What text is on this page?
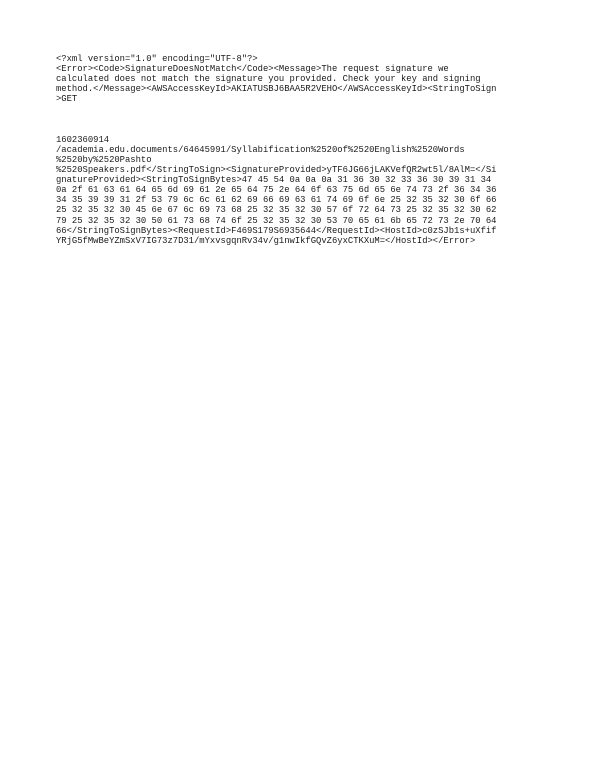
<?xml version="1.0" encoding="UTF-8"?>
<Error><Code>SignatureDoesNotMatch</Code><Message>The request signature we
calculated does not match the signature you provided. Check your key and signing
method.</Message><AWSAccessKeyId>AKIATUSBJ6BAA5R2VEHO</AWSAccessKeyId><StringToSign
>GET
1602360914
/academia.edu.documents/64645991/Syllabification%2520of%2520English%2520Words
%2520by%2520Pashto
%2520Speakers.pdf</StringToSign><SignatureProvided>yTF6JG66jLAKVefQR2wt5l/8AlM=</Si
gnatureProvided><StringToSignBytes>47 45 54 0a 0a 0a 31 36 30 32 33 36 30 39 31 34
0a 2f 61 63 61 64 65 6d 69 61 2e 65 64 75 2e 64 6f 63 75 6d 65 6e 74 73 2f 36 34 36
34 35 39 39 31 2f 53 79 6c 6c 61 62 69 66 69 63 61 74 69 6f 6e 25 32 35 32 30 6f 66
25 32 35 32 30 45 6e 67 6c 69 73 68 25 32 35 32 30 57 6f 72 64 73 25 32 35 32 30 62
79 25 32 35 32 30 50 61 73 68 74 6f 25 32 35 32 30 53 70 65 61 6b 65 72 73 2e 70 64
66</StringToSignBytes><RequestId>F469S179S6935644</RequestId><HostId>c0zSJb1s+uXfif
YRjG5fMwBeYZmSxV7IG73z7D31/mYxvsgqnRv34v/g1nwIkfGQvZ6yxCTKXuM=</HostId></Error>
